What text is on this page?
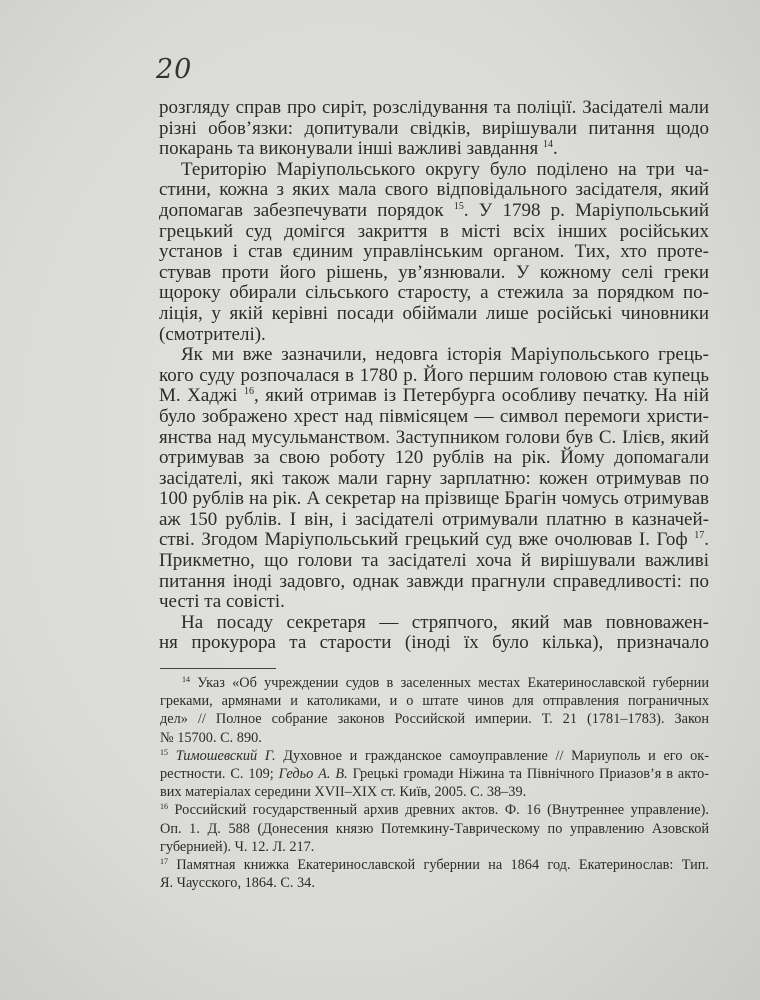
20
розгляду справ про сиріт, розслідування та поліції. Засідателі мали
різні обов’язки: допитували свідків, вирішували питання щодо
покарань та виконували інші важливі завдання $^{14}$.
Територію Маріупольського округу було поділено на три ча-
стини, кожна з яких мала свого відповідального засідателя, який
допомагав забезпечувати порядок $^{15}$. У 1798 р. Маріупольський
грецький суд домігся закриття в місті всіх інших російських
установ і став єдиним управлінським органом. Тих, хто проте-
стував проти його рішень, ув’язнювали. У кожному селі греки
щороку обирали сільського старосту, а стежила за порядком по-
ліція, у якій керівні посади обіймали лише російські чиновники
(смотрителі).
Як ми вже зазначили, недовга історія Маріупольського грець-
кого суду розпочалася в 1780 р. Його першим головою став купець
М. Хаджі $^{16}$, який отримав із Петербурга особливу печатку. На ній
було зображено хрест над півмісяцем — символ перемоги христи-
янства над мусульманством. Заступником голови був С. Ілієв, який
отримував за свою роботу 120 рублів на рік. Йому допомагали
засідателі, які також мали гарну зарплатню: кожен отримував по
100 рублів на рік. А секретар на прізвище Брагін чомусь отримував
аж 150 рублів. І він, і засідателі отримували платню в казначей-
стві. Згодом Маріупольський грецький суд вже очолював І. Гоф $^{17}$.
Прикметно, що голови та засідателі хоча й вирішували важливі
питання іноді задовго, однак завжди прагнули справедливості: по
честі та совісті.
На посаду секретаря — стряпчого, який мав повноважен-
ня прокурора та старости (іноді їх було кілька), призначало
$^{14}$ Указ «Об учреждении судов в заселенных местах Екатеринославской губернии
греками, армянами и католиками, и о штате чинов для отправления пограничных
дел» // Полное собрание законов Российской империи. Т. 21 (1781–1783). Закон
№ 15700. С. 890.
$^{15}$ Тимошевский Г. Духовное и гражданское самоуправление // Мариуполь и его ок-
рестности. С. 109; Гедьо А. В. Грецькі громади Ніжина та Північного Приазов’я в акто-
вих матеріалах середини XVII–XIX ст. Київ, 2005. С. 38–39.
$^{16}$ Российский государственный архив древних актов. Ф. 16 (Внутреннее управление).
Оп. 1. Д. 588 (Донесения князю Потемкину-Таврическому по управлению Азовской
губернией). Ч. 12. Л. 217.
$^{17}$ Памятная книжка Екатеринославской губернии на 1864 год. Екатеринослав: Тип.
Я. Чаусского, 1864. С. 34.
